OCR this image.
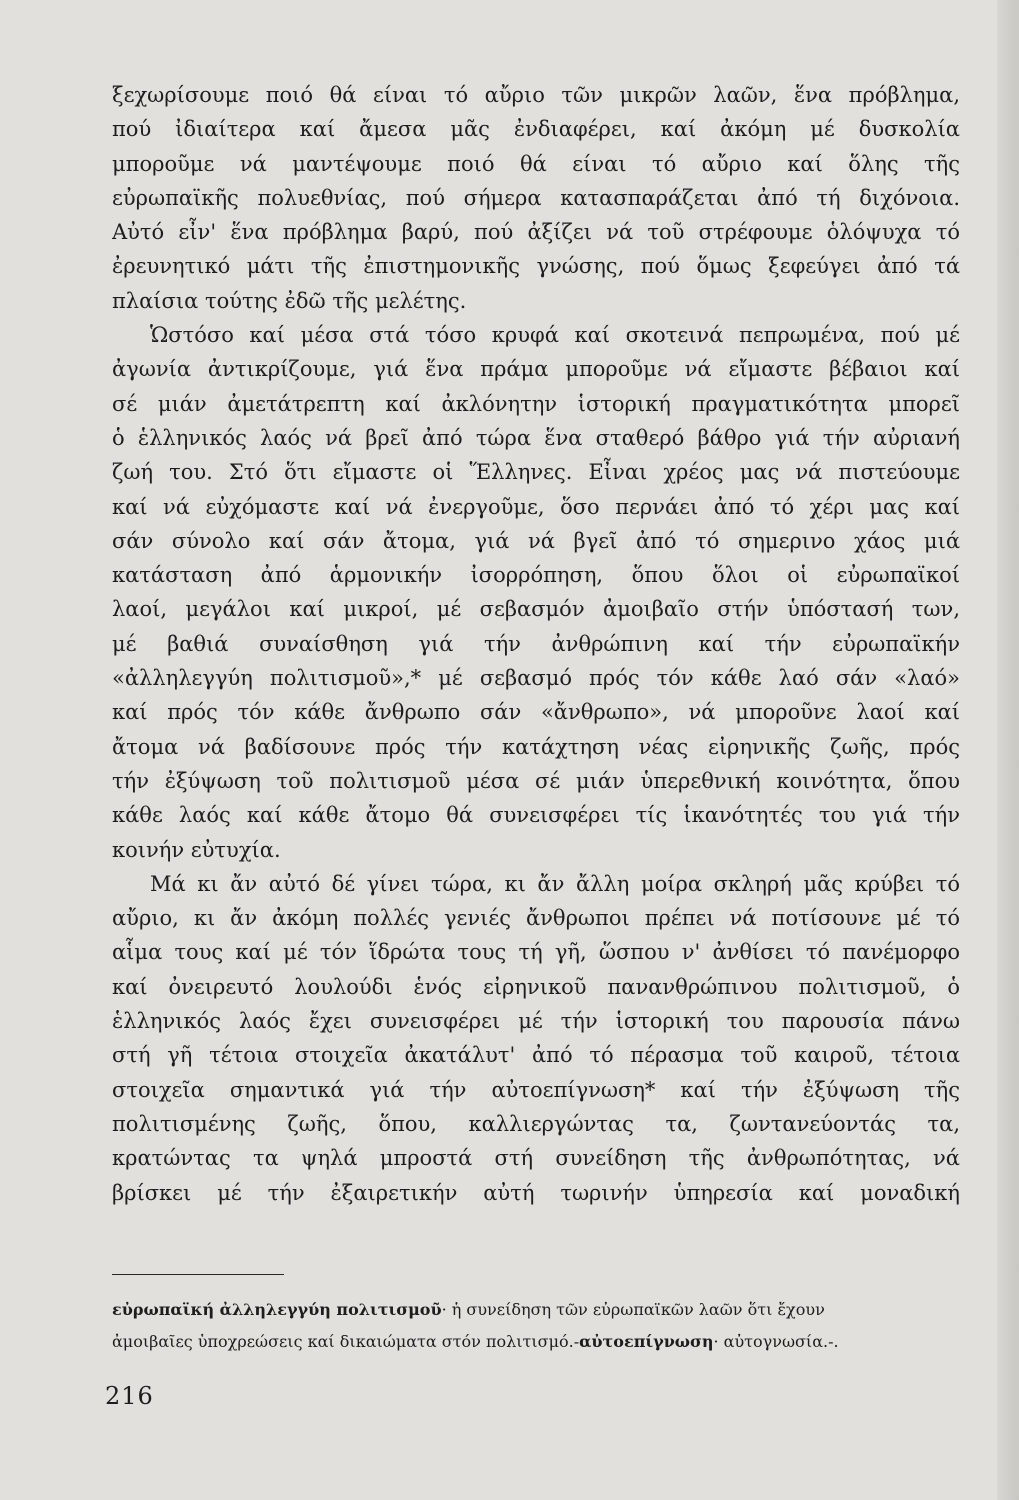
ξεχωρίσουμε ποιό θά είναι τό αὔριο τῶν μικρῶν λαῶν, ἕνα πρόβλημα,
πού ἰδιαίτερα καί ἄμεσα μᾶς ἐνδιαφέρει, καί ἀκόμη μέ δυσκολία
μποροῦμε νά μαντέψουμε ποιό θά είναι τό αὔριο καί ὅλης τῆς
εὐρωπαϊκῆς πολυεθνίας, πού σήμερα κατασπαράζεται ἀπό τή διχόνοια.
Αὐτό εἶν' ἕνα πρόβλημα βαρύ, πού ἀξίζει νά τοῦ στρέφουμε ὁλόψυχα τό
ἐρευνητικό μάτι τῆς ἐπιστημονικῆς γνώσης, πού ὅμως ξεφεύγει ἀπό τά
πλαίσια τούτης ἐδῶ τῆς μελέτης.
Ὡστόσο καί μέσα στά τόσο κρυφά καί σκοτεινά πεπρωμένα, πού μέ
ἀγωνία ἀντικρίζουμε, γιά ἕνα πράμα μποροῦμε νά εἴμαστε βέβαιοι καί
σέ μιάν ἀμετάτρεπτη καί ἀκλόνητην ἱστορική πραγματικότητα μπορεῖ
ὁ ἑλληνικός λαός νά βρεῖ ἀπό τώρα ἕνα σταθερό βάθρο γιά τήν αὐριανή
ζωή του. Στό ὅτι εἴμαστε οἱ Ἕλληνες. Εἶναι χρέος μας νά πιστεύουμε
καί νά εὐχόμαστε καί νά ἐνεργοῦμε, ὅσο περνάει ἀπό τό χέρι μας καί
σάν σύνολο καί σάν ἄτομα, γιά νά βγεῖ ἀπό τό σημερινο χάος μιά
κατάσταση ἀπό ἁρμονικήν ἰσορρόπηση, ὅπου ὅλοι οἱ εὐρωπαϊκοί
λαοί, μεγάλοι καί μικροί, μέ σεβασμόν ἀμοιβαῖο στήν ὑπόστασή των,
μέ βαθιά συναίσθηση γιά τήν ἀνθρώπινη καί τήν εὐρωπαϊκήν
«ἀλληλεγγύη πολιτισμοῦ»,* μέ σεβασμό πρός τόν κάθε λαό σάν «λαό»
καί πρός τόν κάθε ἄνθρωπο σάν «ἄνθρωπο», νά μποροῦνε λαοί καί
ἄτομα νά βαδίσουνε πρός τήν κατάχτηση νέας εἰρηνικῆς ζωῆς, πρός
τήν ἐξύψωση τοῦ πολιτισμοῦ μέσα σέ μιάν ὑπερεθνική κοινότητα, ὅπου
κάθε λαός καί κάθε ἄτομο θά συνεισφέρει τίς ἱκανότητές του γιά τήν
κοινήν εὐτυχία.
Μά κι ἄν αὐτό δέ γίνει τώρα, κι ἄν ἄλλη μοίρα σκληρή μᾶς κρύβει τό
αὔριο, κι ἄν ἀκόμη πολλές γενιές ἄνθρωποι πρέπει νά ποτίσουνε μέ τό
αἷμα τους καί μέ τόν ἵδρώτα τους τή γῆ, ὥσπου ν' ἀνθίσει τό πανέμορφο
καί ὀνειρευτό λουλούδι ἑνός εἰρηνικοῦ πανανθρώπινου πολιτισμοῦ, ὁ
ἑλληνικός λαός ἔχει συνεισφέρει μέ τήν ἱστορική του παρουσία πάνω
στή γῆ τέτοια στοιχεῖα ἀκατάλυτ' ἀπό τό πέρασμα τοῦ καιροῦ, τέτοια
στοιχεῖα σημαντικά γιά τήν αὐτοεπίγνωση* καί τήν ἐξύψωση τῆς
πολιτισμένης ζωῆς, ὅπου, καλλιεργώντας τα, ζωντανεύοντάς τα,
κρατώντας τα ψηλά μπροστά στή συνείδηση τῆς ἀνθρωπότητας, νά
βρίσκει μέ τήν ἐξαιρετικήν αὐτή τωρινήν ὑπηρεσία καί μοναδική
εὐρωπαϊκή ἀλληλεγγύη πολιτισμοῦ· ἡ συνείδηση τῶν εὐρωπαϊκῶν λαῶν ὅτι ἔχουν
ἀμοιβαῖες ὑποχρεώσεις καί δικαιώματα στόν πολιτισμό.-αὐτοεπίγνωση· αὐτογνωσία.-.
216
